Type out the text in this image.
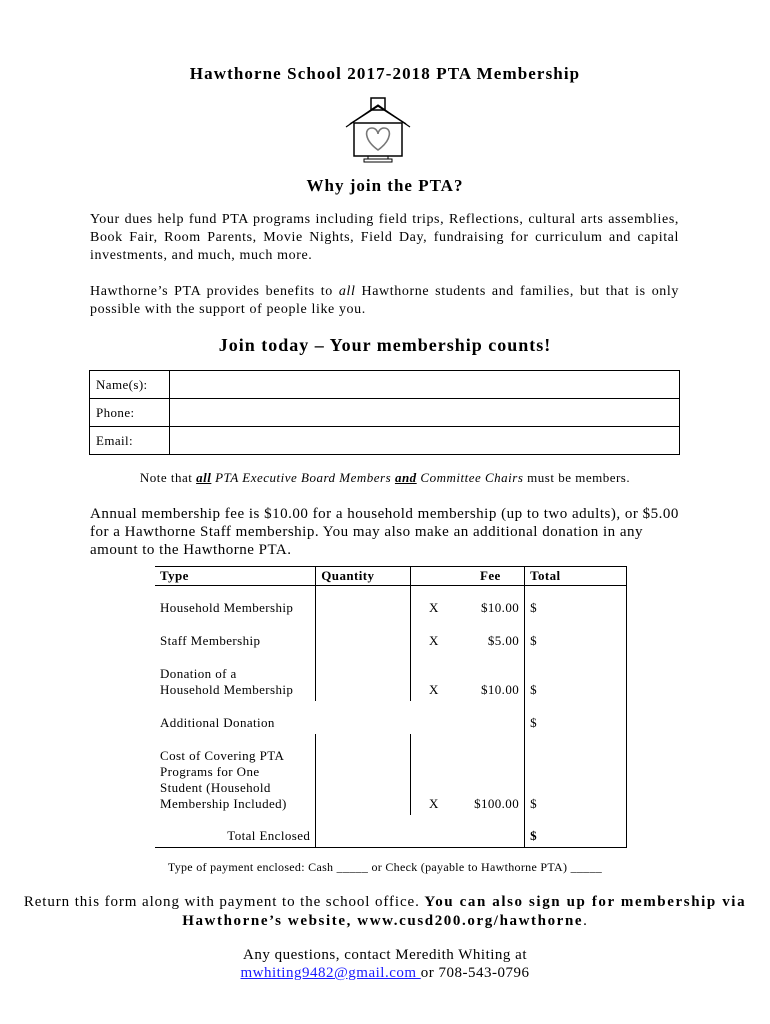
Hawthorne School 2017-2018 PTA Membership
Why join the PTA?
Your dues help fund PTA programs including field trips, Reflections, cultural arts assemblies, Book Fair, Room Parents, Movie Nights, Field Day, fundraising for curriculum and capital investments, and much, much more.
Hawthorne’s PTA provides benefits to all Hawthorne students and families, but that is only possible with the support of people like you.
Join today – Your membership counts!
Name(s):	
Phone:	
Email:	
Note that all PTA Executive Board Members and Committee Chairs must be members.
Annual membership fee is $10.00 for a household membership (up to two adults), or $5.00 for a Hawthorne Staff membership. You may also make an additional donation in any amount to the Hawthorne PTA.
Type	Quantity		Fee	Total
Household Membership		X	$10.00	$
Staff Membership		X	$5.00	$
Donation of a
Household Membership		X	$10.00	$
Additional Donation				$
Cost of Covering PTA
Programs for One
Student (Household
Membership Included)		X	$100.00	$
Total Enclosed				$
Type of payment enclosed: Cash _____ or Check (payable to Hawthorne PTA) _____
Return this form along with payment to the school office. You can also sign up for membership via Hawthorne’s website, www.cusd200.org/hawthorne.
Any questions, contact Meredith Whiting at
mwhiting9482@gmail.com or 708-543-0796
